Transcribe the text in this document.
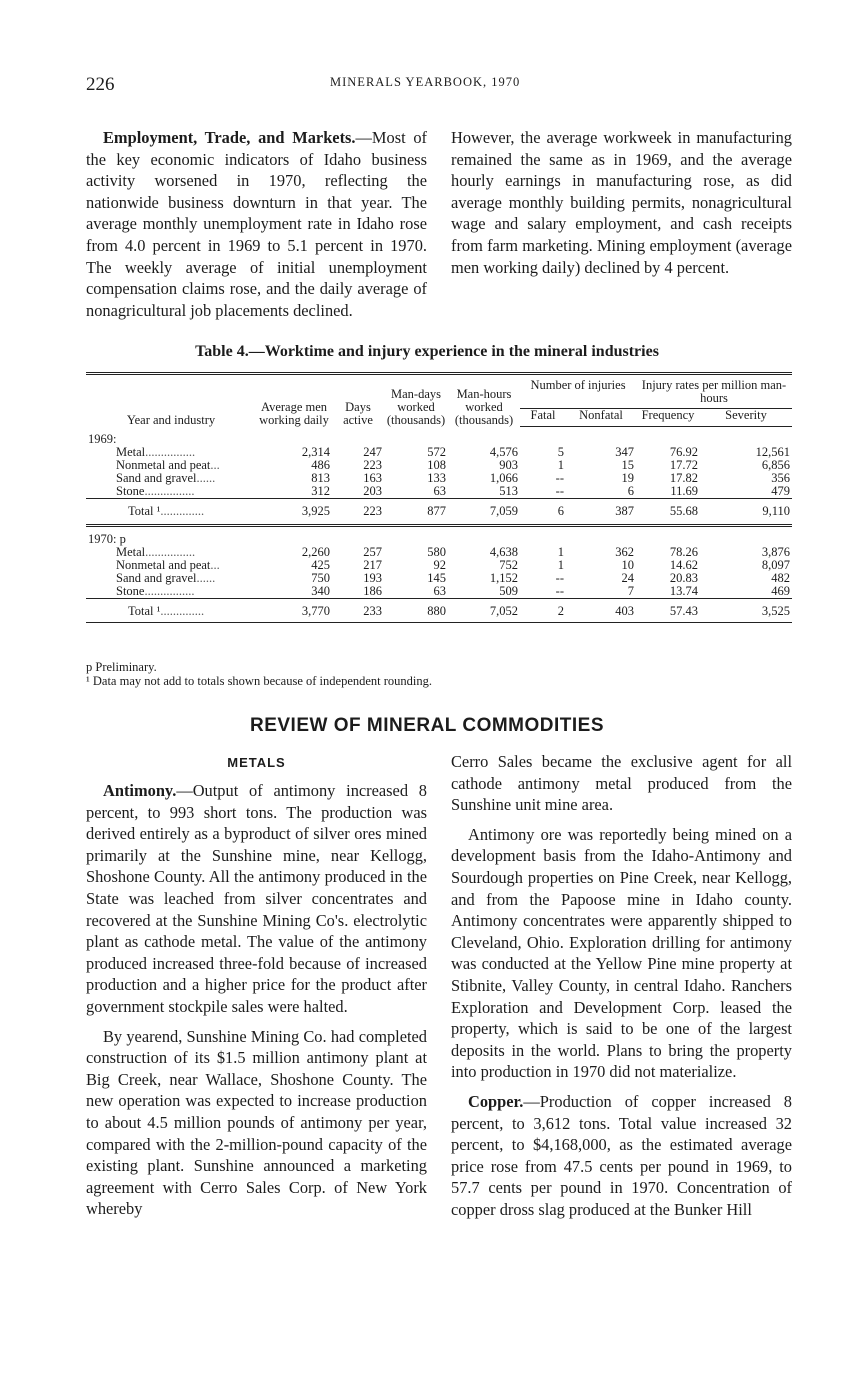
226	MINERALS YEARBOOK, 1970

Employment, Trade, and Markets.—Most of the key economic indicators of Idaho business activity worsened in 1970, reflecting the nationwide business downturn in that year. The average monthly unemployment rate in Idaho rose from 4.0 percent in 1969 to 5.1 percent in 1970. The weekly average of initial unemployment compensation claims rose, and the daily average of nonagricultural job placements declined.

However, the average workweek in manufacturing remained the same as in 1969, and the average hourly earnings in manufacturing rose, as did average monthly building permits, nonagricultural wage and salary employment, and cash receipts from farm marketing. Mining employment (average men working daily) declined by 4 percent.

Table 4.—Worktime and injury experience in the mineral industries
Year and industry	Average men working daily	Days active	Man-days worked (thousands)	Man-hours worked (thousands)	Number of injuries		Injury rates per million man-hours	
					Fatal	Nonfatal	Frequency	Severity
1969:								
Metal................	2,314	247	572	4,576	5	347	76.92	12,561
Nonmetal and peat...	486	223	108	903	1	15	17.72	6,856
Sand and gravel......	813	163	133	1,066	--	19	17.82	356
Stone................	312	203	63	513	--	6	11.69	479
Total ¹..............	3,925	223	877	7,059	6	387	55.68	9,110

1970: p								
Metal................	2,260	257	580	4,638	1	362	78.26	3,876
Nonmetal and peat...	425	217	92	752	1	10	14.62	8,097
Sand and gravel......	750	193	145	1,152	--	24	20.83	482
Stone................	340	186	63	509	--	7	13.74	469
Total ¹..............	3,770	233	880	7,052	2	403	57.43	3,525
p Preliminary.
¹ Data may not add to totals shown because of independent rounding.
REVIEW OF MINERAL COMMODITIES
METALS

Antimony.—Output of antimony increased 8 percent, to 993 short tons. The production was derived entirely as a byproduct of silver ores mined primarily at the Sunshine mine, near Kellogg, Shoshone County. All the antimony produced in the State was leached from silver concentrates and recovered at the Sunshine Mining Co's. electrolytic plant as cathode metal. The value of the antimony produced increased three-fold because of increased production and a higher price for the product after government stockpile sales were halted.

By yearend, Sunshine Mining Co. had completed construction of its $1.5 million antimony plant at Big Creek, near Wallace, Shoshone County. The new operation was expected to increase production to about 4.5 million pounds of antimony per year, compared with the 2-million-pound capacity of the existing plant. Sunshine announced a marketing agreement with Cerro Sales Corp. of New York whereby

Cerro Sales became the exclusive agent for all cathode antimony metal produced from the Sunshine unit mine area.

Antimony ore was reportedly being mined on a development basis from the Idaho-Antimony and Sourdough properties on Pine Creek, near Kellogg, and from the Papoose mine in Idaho county. Antimony concentrates were apparently shipped to Cleveland, Ohio. Exploration drilling for antimony was conducted at the Yellow Pine mine property at Stibnite, Valley County, in central Idaho. Ranchers Exploration and Development Corp. leased the property, which is said to be one of the largest deposits in the world. Plans to bring the property into production in 1970 did not materialize.

Copper.—Production of copper increased 8 percent, to 3,612 tons. Total value increased 32 percent, to $4,168,000, as the estimated average price rose from 47.5 cents per pound in 1969, to 57.7 cents per pound in 1970. Concentration of copper dross slag produced at the Bunker Hill
